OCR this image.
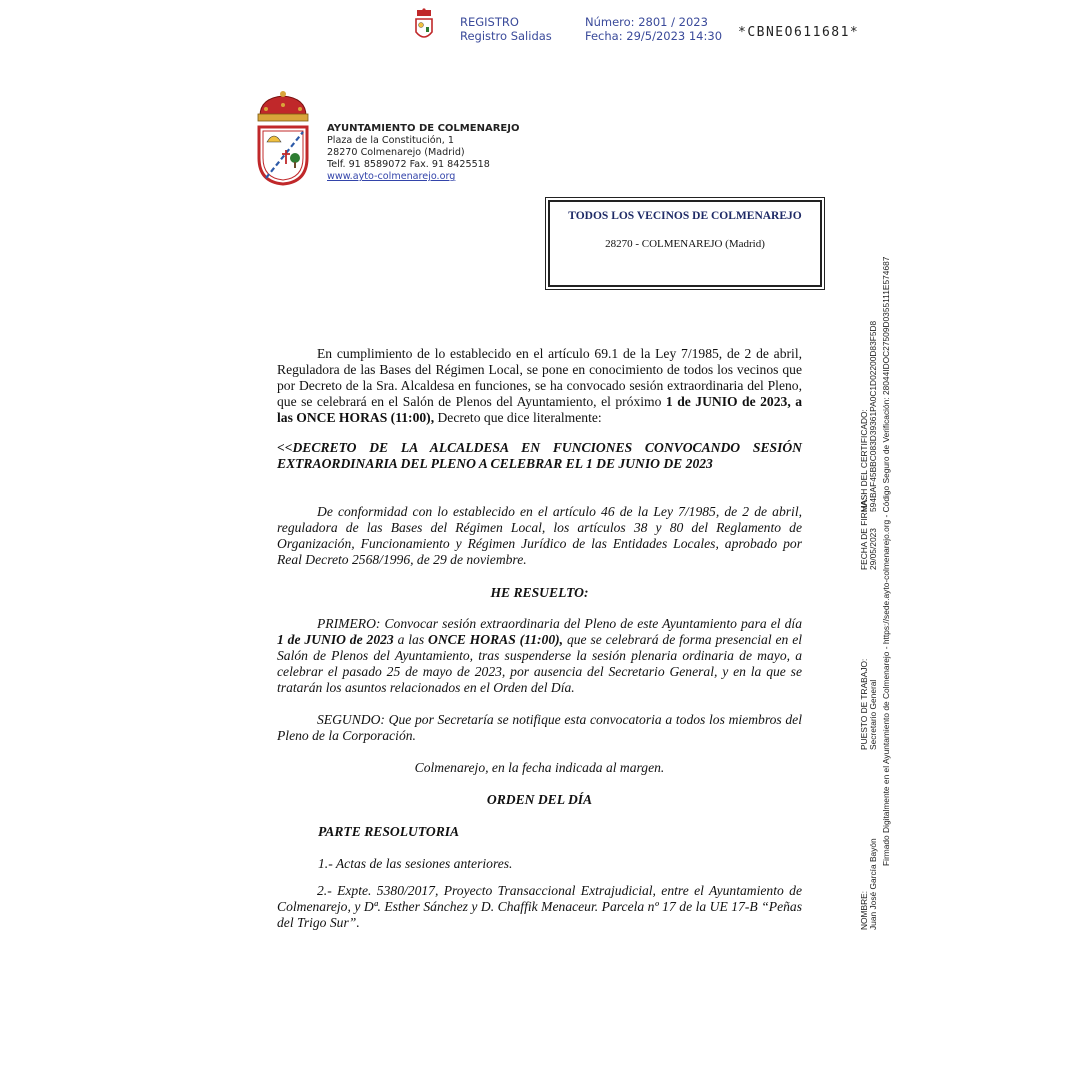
REGISTRO
Registro Salidas
Número: 2801 / 2023
Fecha: 29/5/2023 14:30 *CBNEO611681*
AYUNTAMIENTO DE COLMENAREJO
Plaza de la Constitución, 1
28270 Colmenarejo (Madrid)
Telf. 91 8589072 Fax. 91 8425518
www.ayto-colmenarejo.org
TODOS LOS VECINOS DE COLMENAREJO
28270 - COLMENAREJO (Madrid)

En cumplimiento de lo establecido en el artículo 69.1 de la Ley 7/1985, de 2 de abril, Reguladora de las Bases del Régimen Local, se pone en conocimiento de todos los vecinos que por Decreto de la Sra. Alcaldesa en funciones, se ha convocado sesión extraordinaria del Pleno, que se celebrará en el Salón de Plenos del Ayuntamiento, el próximo 1 de JUNIO de 2023, a las ONCE HORAS (11:00), Decreto que dice literalmente:

<<DECRETO DE LA ALCALDESA EN FUNCIONES CONVOCANDO SESIÓN EXTRAORDINARIA DEL PLENO A CELEBRAR EL 1 DE JUNIO DE 2023

De conformidad con lo establecido en el artículo 46 de la Ley 7/1985, de 2 de abril, reguladora de las Bases del Régimen Local, los artículos 38 y 80 del Reglamento de Organización, Funcionamiento y Régimen Jurídico de las Entidades Locales, aprobado por Real Decreto 2568/1996, de 29 de noviembre.

HE RESUELTO:

PRIMERO: Convocar sesión extraordinaria del Pleno de este Ayuntamiento para el día 1 de JUNIO de 2023 a las ONCE HORAS (11:00), que se celebrará de forma presencial en el Salón de Plenos del Ayuntamiento, tras suspenderse la sesión plenaria ordinaria de mayo, a celebrar el pasado 25 de mayo de 2023, por ausencia del Secretario General, y en la que se tratarán los asuntos relacionados en el Orden del Día.

SEGUNDO: Que por Secretaría se notifique esta convocatoria a todos los miembros del Pleno de la Corporación.

Colmenarejo, en la fecha indicada al margen.

ORDEN DEL DÍA

PARTE RESOLUTORIA

1.- Actas de las sesiones anteriores.

2.- Expte. 5380/2017, Proyecto Transaccional Extrajudicial, entre el Ayuntamiento de Colmenarejo, y Dª. Esther Sánchez y D. Chaffik Menaceur. Parcela nº 17 de la UE 17-B “Peñas del Trigo Sur”.	NOMBRE: Juan José García Bayón
PUESTO DE TRABAJO: Secretario General
FECHA DE FIRMA: 29/05/2023
HASH DEL CERTIFICADO: 594BAF45BBC083D39361PA0C1D02200D83F5D8 Firmado Digitalmente en el Ayuntamiento de Colmenarejo - https://sede.ayto-colmenarejo.org - Código Seguro de Verificación: 28044IDOC27509D0355111E574687
